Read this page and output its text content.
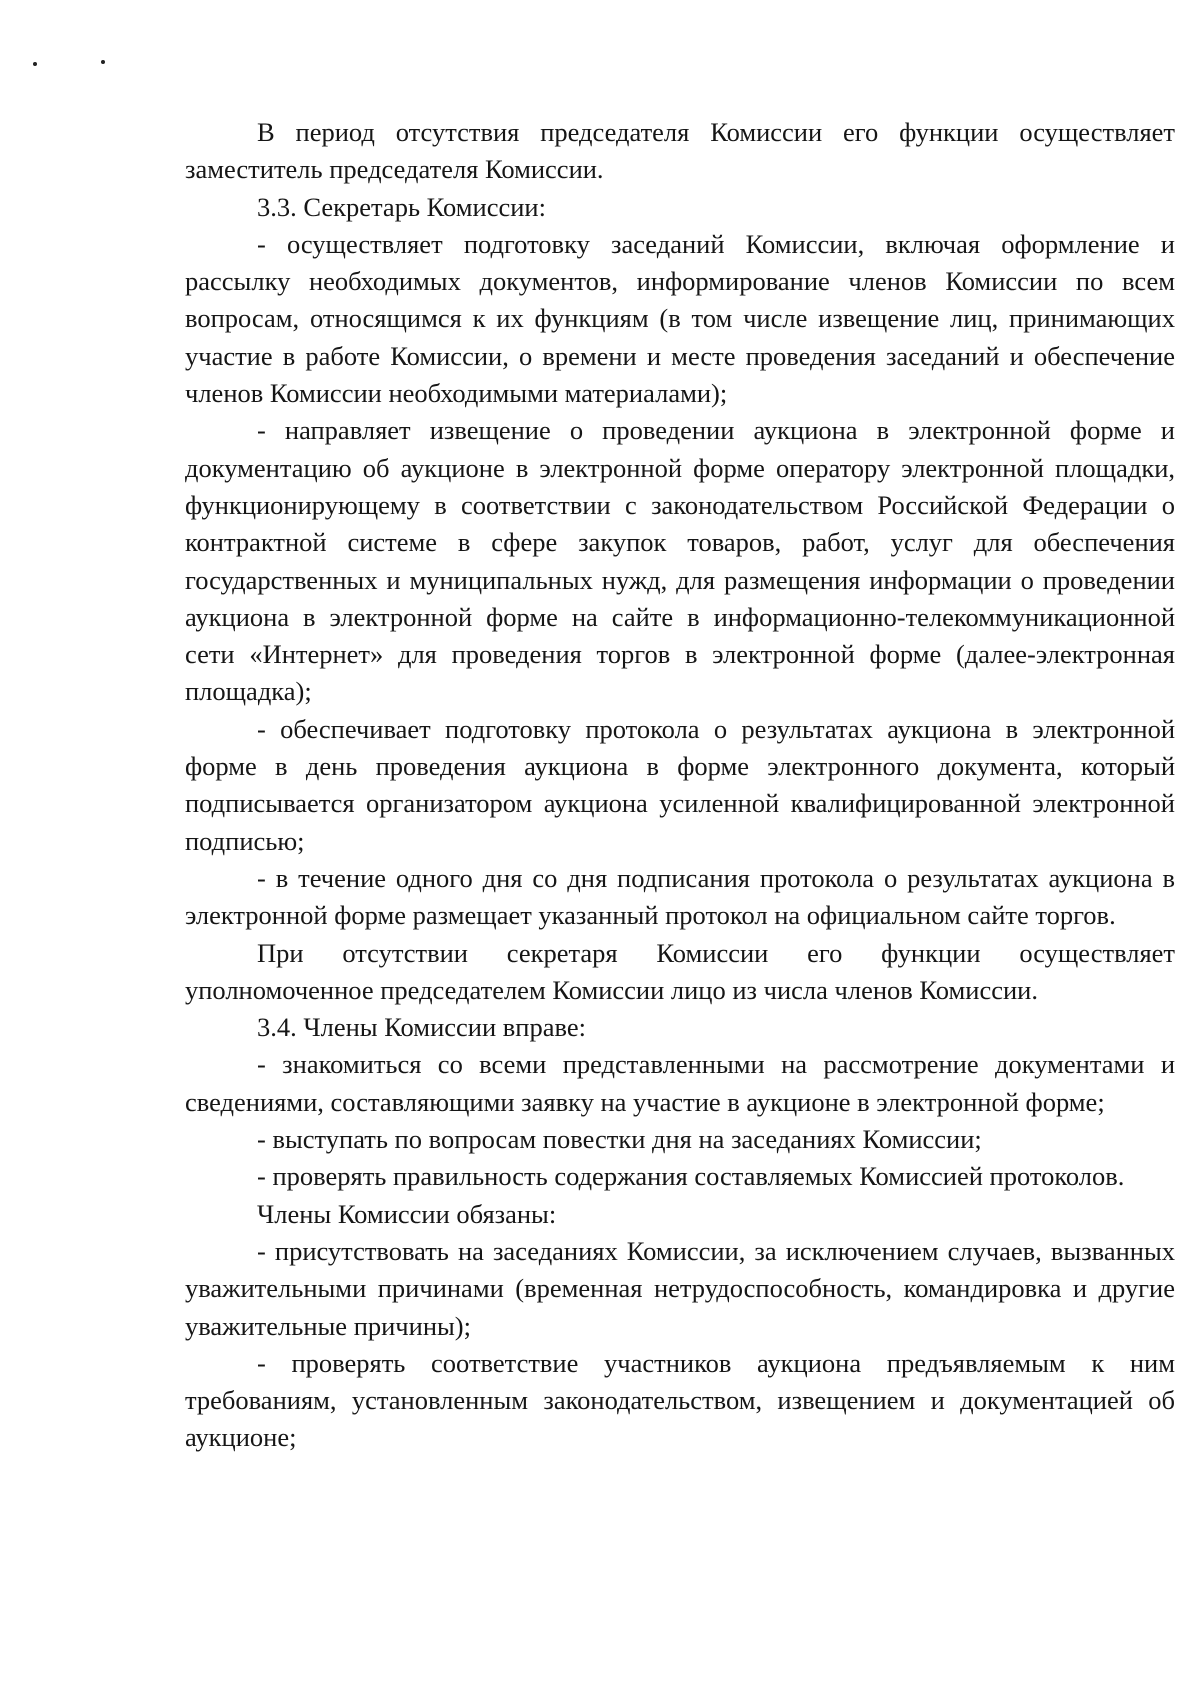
В период отсутствия председателя Комиссии его функции осуществляет заместитель председателя Комиссии.

3.3. Секретарь Комиссии:

- осуществляет подготовку заседаний Комиссии, включая оформление и рассылку необходимых документов, информирование членов Комиссии по всем вопросам, относящимся к их функциям (в том числе извещение лиц, принимающих участие в работе Комиссии, о времени и месте проведения заседаний и обеспечение членов Комиссии необходимыми материалами);

- направляет извещение о проведении аукциона в электронной форме и документацию об аукционе в электронной форме оператору электронной площадки, функционирующему в соответствии с законодательством Российской Федерации о контрактной системе в сфере закупок товаров, работ, услуг для обеспечения государственных и муниципальных нужд, для размещения информации о проведении аукциона в электронной форме на сайте в информационно-телекоммуникационной сети «Интернет» для проведения торгов в электронной форме (далее-электронная площадка);

- обеспечивает подготовку протокола о результатах аукциона в электронной форме в день проведения аукциона в форме электронного документа, который подписывается организатором аукциона усиленной квалифицированной электронной подписью;

- в течение одного дня со дня подписания протокола о результатах аукциона в электронной форме размещает указанный протокол на официальном сайте торгов.

При отсутствии секретаря Комиссии его функции осуществляет уполномоченное председателем Комиссии лицо из числа членов Комиссии.

3.4. Члены Комиссии вправе:

- знакомиться со всеми представленными на рассмотрение документами и сведениями, составляющими заявку на участие в аукционе в электронной форме;

- выступать по вопросам повестки дня на заседаниях Комиссии;

- проверять правильность содержания составляемых Комиссией протоколов.

Члены Комиссии обязаны:

- присутствовать на заседаниях Комиссии, за исключением случаев, вызванных уважительными причинами (временная нетрудоспособность, командировка и другие уважительные причины);

- проверять соответствие участников аукциона предъявляемым к ним требованиям, установленным законодательством, извещением и документацией об аукционе;
